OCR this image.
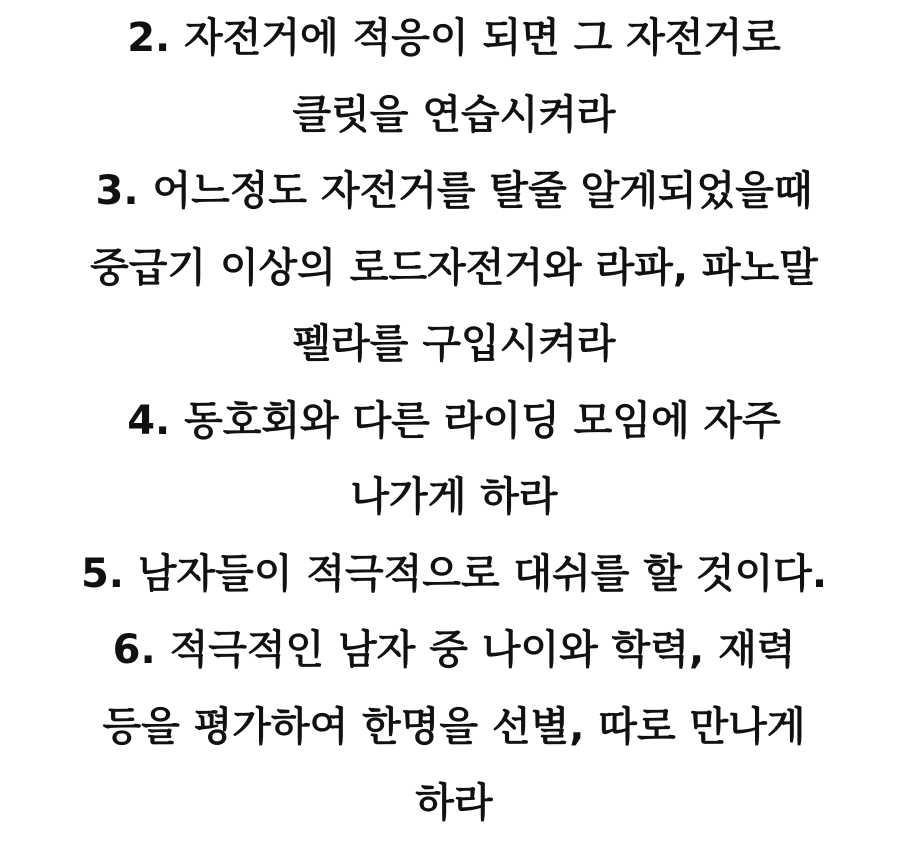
2. 자전거에 적응이 되면 그 자전거로
클릿을 연습시켜라
3. 어느정도 자전거를 탈줄 알게되었을때
중급기 이상의 로드자전거와 라파, 파노말
펠라를 구입시켜라
4. 동호회와 다른 라이딩 모임에 자주
나가게 하라
5. 남자들이 적극적으로 대쉬를 할 것이다.
6. 적극적인 남자 중 나이와 학력, 재력
등을 평가하여 한명을 선별, 따로 만나게
하라
